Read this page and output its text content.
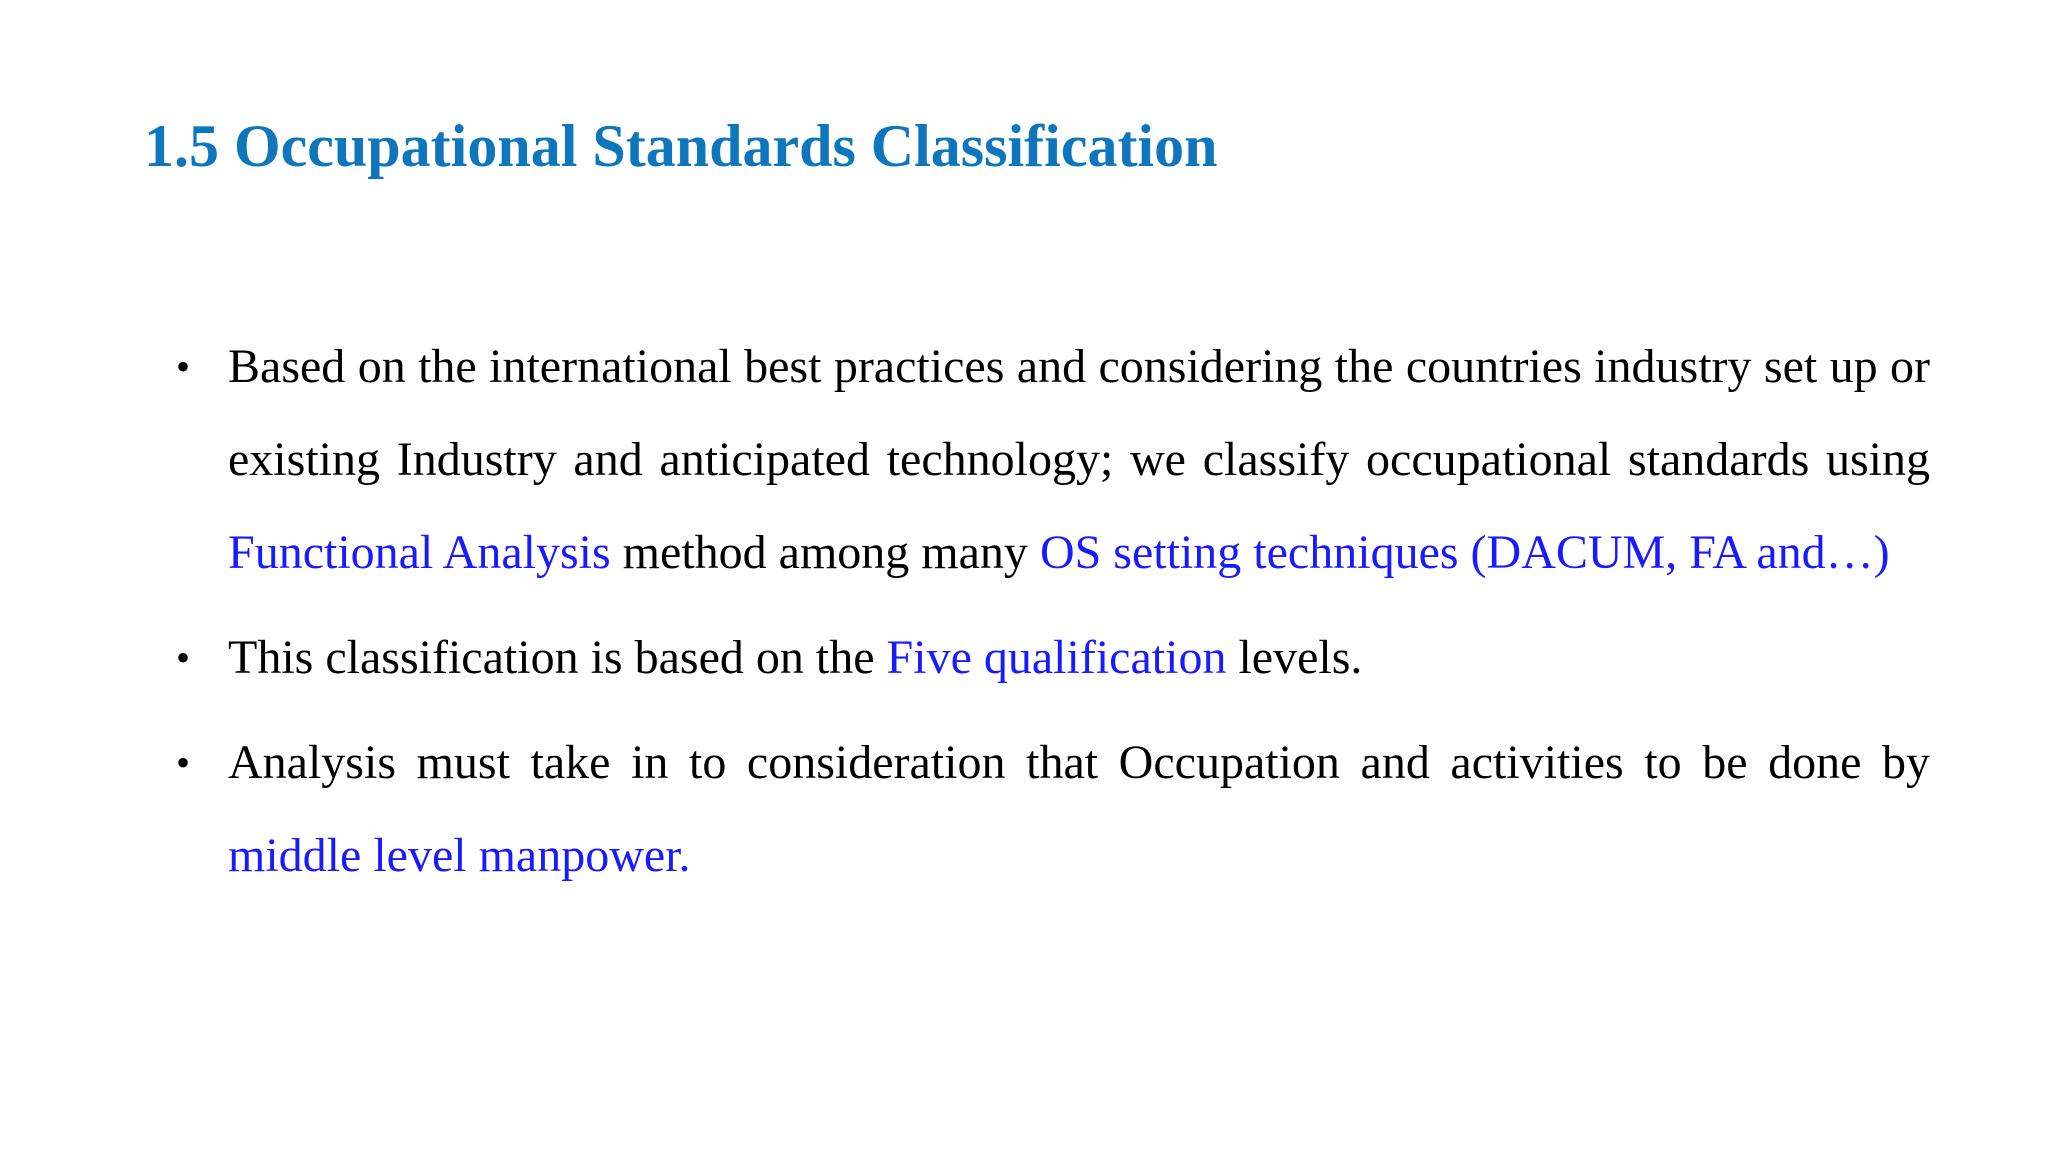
1.5 Occupational Standards Classification
• Based on the international best practices and considering the countries industry set up or existing Industry and anticipated technology; we classify occupational standards using Functional Analysis method among many OS setting techniques (DACUM, FA and…)
• This classification is based on the Five qualification levels.
• Analysis must take in to consideration that Occupation and activities to be done by middle level manpower.
